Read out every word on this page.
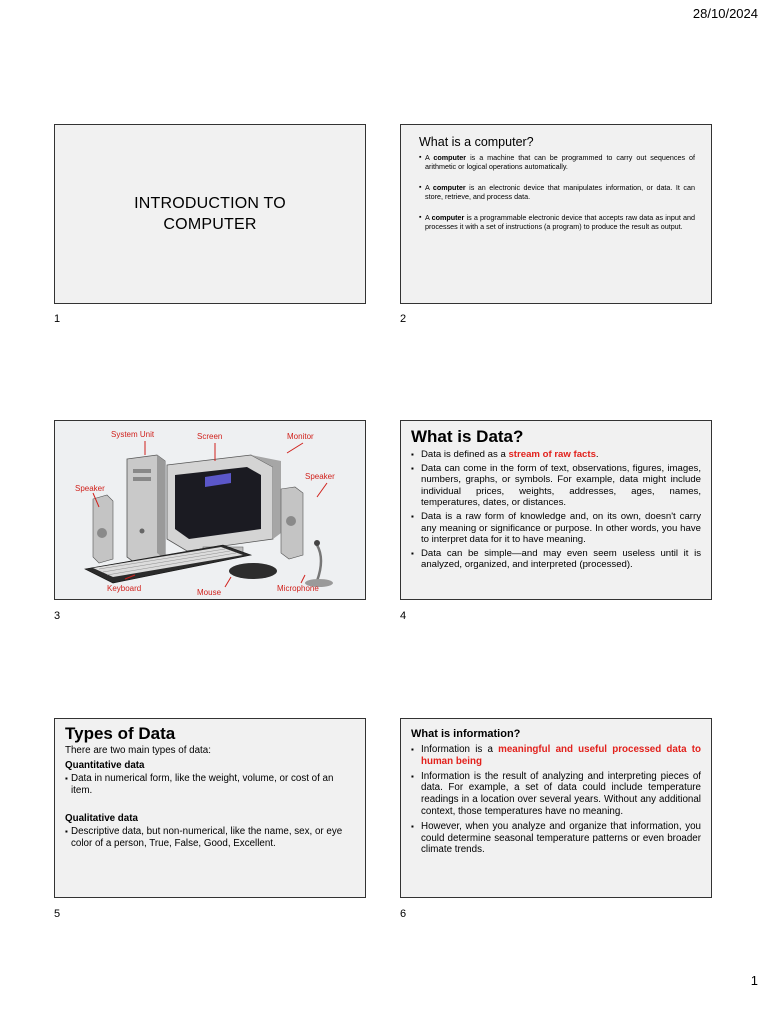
28/10/2024
INTRODUCTION TO
COMPUTER
1
What is a computer?
▪ A computer is a machine that can be programmed to carry out sequences of arithmetic or logical operations automatically.
▪ A computer is an electronic device that manipulates information, or data. It can store, retrieve, and process data.
▪ A computer is a programmable electronic device that accepts raw data as input and processes it with a set of instructions (a program) to produce the result as output.
2
System Unit	Screen	Monitor
Speaker
Speaker
Keyboard	Mouse	Microphone
3
What is Data?
▪ Data is defined as a stream of raw facts.
▪ Data can come in the form of text, observations, figures, images, numbers, graphs, or symbols. For example, data might include individual prices, weights, addresses, ages, names, temperatures, dates, or distances.
▪ Data is a raw form of knowledge and, on its own, doesn't carry any meaning or significance or purpose. In other words, you have to interpret data for it to have meaning.
▪ Data can be simple—and may even seem useless until it is analyzed, organized, and interpreted (processed).
4
Types of Data
There are two main types of data:
Quantitative data

▪ Data in numerical form, like the weight, volume, or cost of an item.

Qualitative data

▪ Descriptive data, but non-numerical, like the name, sex, or eye color of a person, True, False, Good, Excellent.

5
What is information?
▪ Information is a meaningful and useful processed data to human being
▪ Information is the result of analyzing and interpreting pieces of data. For example, a set of data could include temperature readings in a location over several years. Without any additional context, those temperatures have no meaning.
▪ However, when you analyze and organize that information, you could determine seasonal temperature patterns or even broader climate trends.
6
1
